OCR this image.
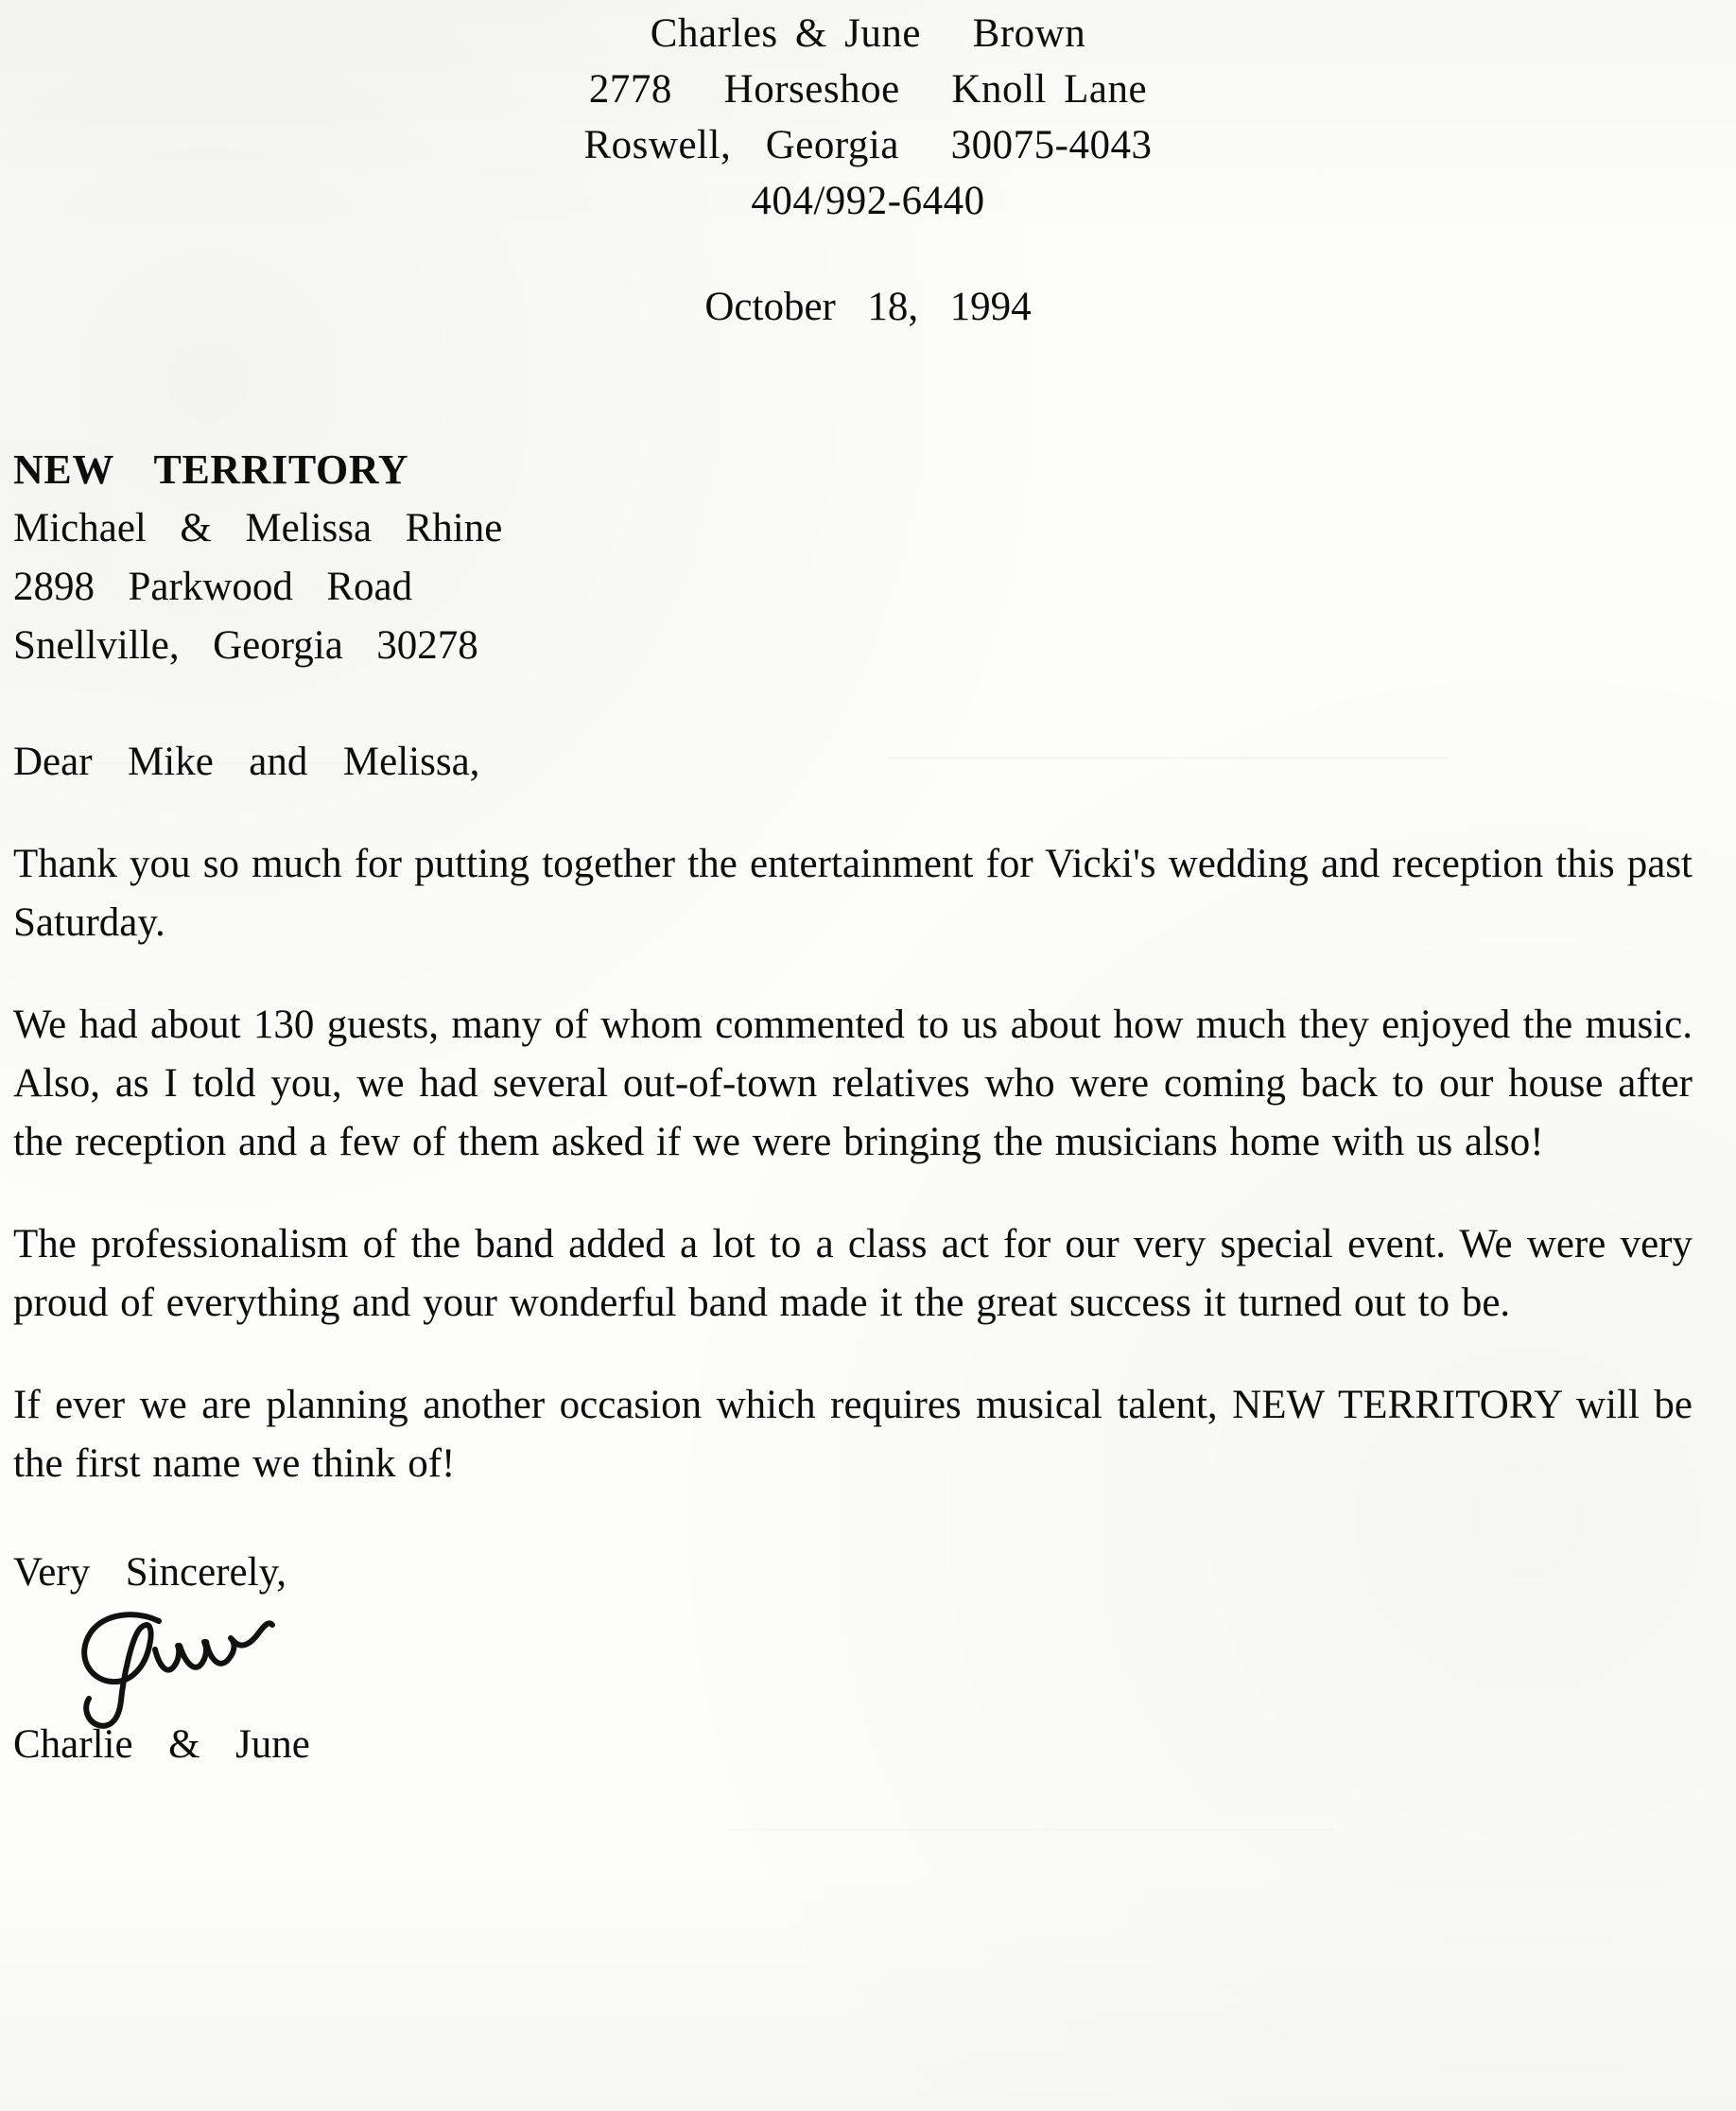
Charles & June   Brown
2778   Horseshoe   Knoll Lane
Roswell,  Georgia   30075-4043
404/992-6440
October  18,  1994
NEW  TERRITORY
Michael  &  Melissa  Rhine
2898  Parkwood  Road
Snellville,  Georgia  30278
Dear  Mike  and  Melissa,
Thank you so much for putting together the entertainment for Vicki's wedding and reception this past Saturday.
We had about 130 guests, many of whom commented to us about how much they enjoyed the music. Also, as I told you, we had several out-of-town relatives who were coming back to our house after the reception and a few of them asked if we were bringing the musicians home with us also!
The professionalism of the band added a lot to a class act for our very special event. We were very proud of everything and your wonderful band made it the great success it turned out to be.
If ever we are planning another occasion which requires musical talent, NEW TERRITORY will be the first name we think of!
Very  Sincerely,
Charlie  &  June
